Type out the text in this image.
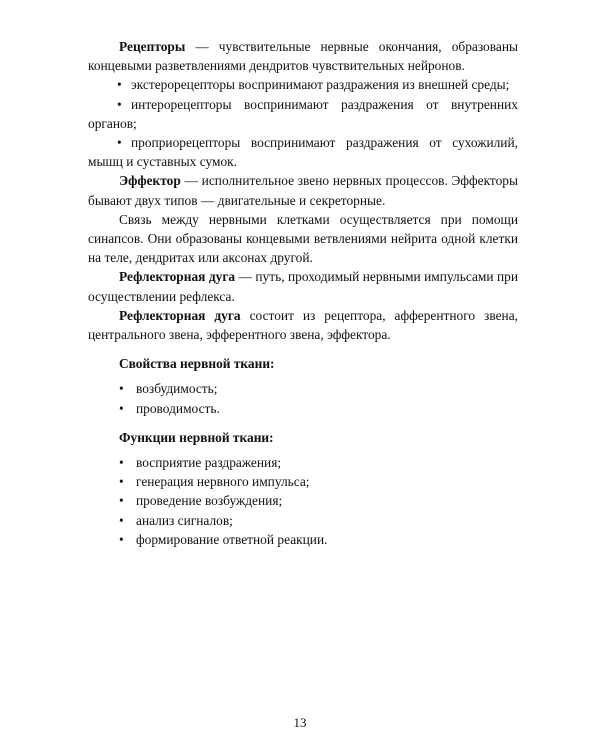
Рецепторы — чувствительные нервные окончания, образованы концевыми разветвлениями дендритов чувствительных нейронов.

• экстерорецепторы воспринимают раздражения из внешней среды;

• интерорецепторы воспринимают раздражения от внутренних органов;

• проприорецепторы воспринимают раздражения от сухожилий, мышц и суставных сумок.

Эффектор — исполнительное звено нервных процессов. Эффекторы бывают двух типов — двигательные и секреторные.

Связь между нервными клетками осуществляется при помощи синапсов. Они образованы концевыми ветвлениями нейрита одной клетки на теле, дендритах или аксонах другой.

Рефлекторная дуга — путь, проходимый нервными импульсами при осуществлении рефлекса.

Рефлекторная дуга состоит из рецептора, афферентного звена, центрального звена, эфферентного звена, эффектора.

Свойства нервной ткани:
• возбудимость;
• проводимость.
Функции нервной ткани:
• восприятие раздражения;
• генерация нервного импульса;
• проведение возбуждения;
• анализ сигналов;
• формирование ответной реакции.
13
